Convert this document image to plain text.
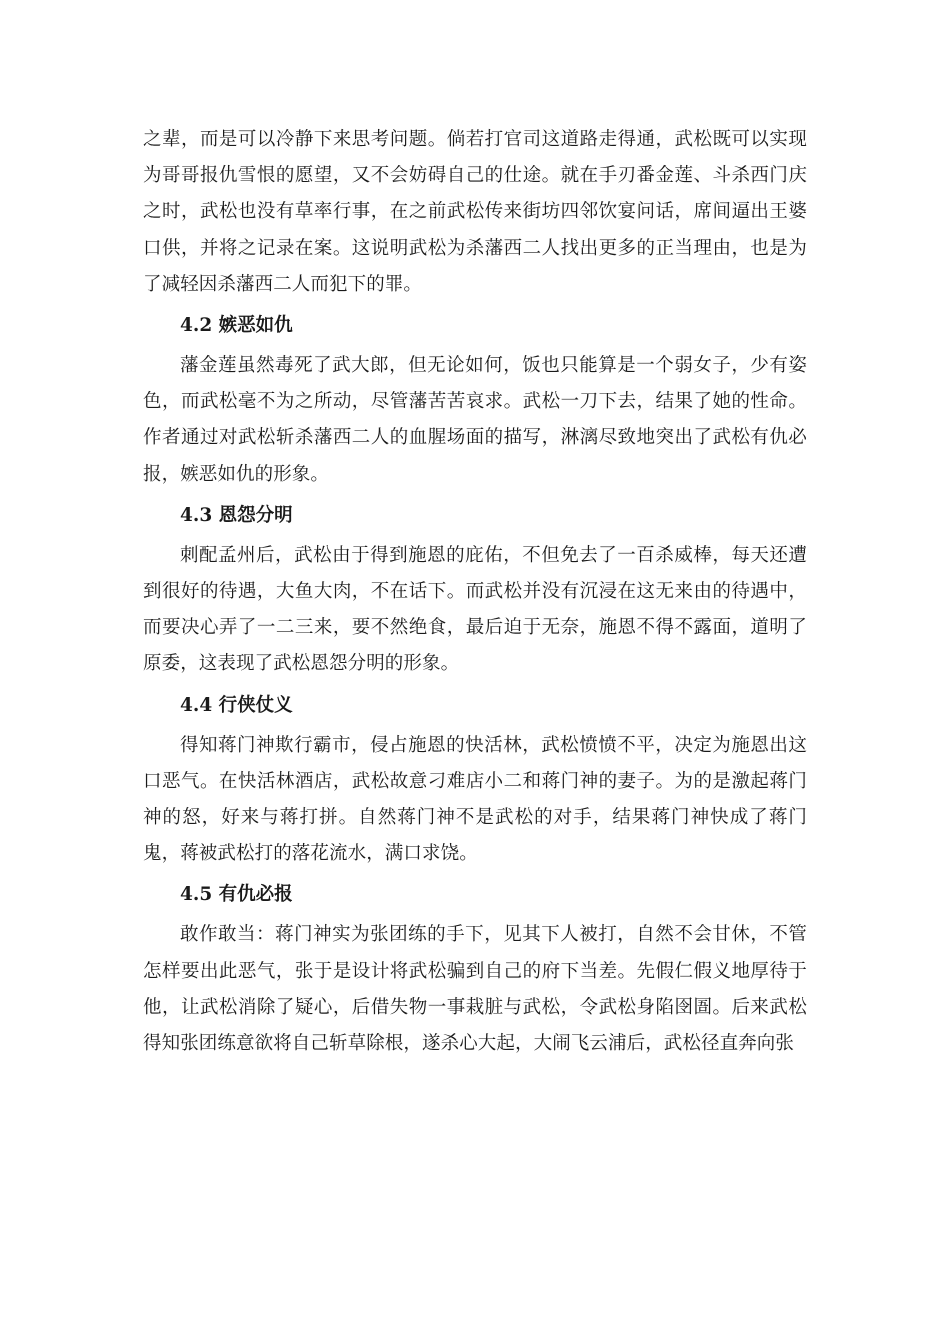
之辈，而是可以冷静下来思考问题。倘若打官司这道路走得通，武松既可以实现为哥哥报仇雪恨的愿望，又不会妨碍自己的仕途。就在手刃番金莲、斗杀西门庆之时，武松也没有草率行事，在之前武松传来街坊四邻饮宴问话，席间逼出王婆口供，并将之记录在案。这说明武松为杀藩西二人找出更多的正当理由，也是为了减轻因杀藩西二人而犯下的罪。

4.2 嫉恶如仇

藩金莲虽然毒死了武大郎，但无论如何，饭也只能算是一个弱女子，少有姿色，而武松毫不为之所动，尽管藩苦苦哀求。武松一刀下去，结果了她的性命。作者通过对武松斩杀藩西二人的血腥场面的描写，淋漓尽致地突出了武松有仇必报，嫉恶如仇的形象。

4.3 恩怨分明

刺配孟州后，武松由于得到施恩的庇佑，不但免去了一百杀威棒，每天还遭到很好的待遇，大鱼大肉，不在话下。而武松并没有沉浸在这无来由的待遇中，而要决心弄了一二三来，要不然绝食，最后迫于无奈，施恩不得不露面，道明了原委，这表现了武松恩怨分明的形象。

4.4 行侠仗义

得知蒋门神欺行霸市，侵占施恩的快活林，武松愤愤不平，决定为施恩出这口恶气。在快活林酒店，武松故意刁难店小二和蒋门神的妻子。为的是激起蒋门神的怒，好来与蒋打拼。自然蒋门神不是武松的对手，结果蒋门神快成了蒋门鬼，蒋被武松打的落花流水，满口求饶。

4.5 有仇必报

敢作敢当：蒋门神实为张团练的手下，见其下人被打，自然不会甘休，不管怎样要出此恶气，张于是设计将武松骗到自己的府下当差。先假仁假义地厚待于他，让武松消除了疑心，后借失物一事栽脏与武松，令武松身陷囹圄。后来武松得知张团练意欲将自己斩草除根，遂杀心大起，大闹飞云浦后，武松径直奔向张
